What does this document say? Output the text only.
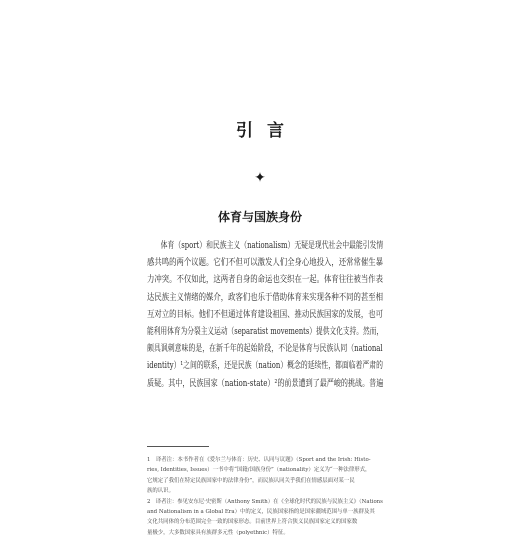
引言
✦
体育与国族身份
　　体育（sport）和民族主义（nationalism）无疑是现代社会中最能引发情
感共鸣的两个议题。它们不但可以激发人们全身心地投入，还常常催生暴
力冲突。不仅如此，这两者自身的命运也交织在一起。体育往往被当作表
达民族主义情绪的媒介，政客们也乐于借助体育来实现各种不同的甚至相
互对立的目标。他们不但通过体育建设祖国、推动民族国家的发展，也可
能利用体育为分裂主义运动（separatist movements）提供文化支持。然而，
颇具讽刺意味的是，在新千年的起始阶段，不论是体育与民族认同（national
identity）¹之间的联系，还是民族（nation）概念的延续性，都面临着严肃的
质疑。其中，民族国家（nation-state）²的前景遭到了最严峻的挑战。普遍
1　译者注：本书作者在《爱尔兰与体育：历史、认同与议题》（Sport and the Irish: Histo-
ries, Identities, Issues）一书中将“国籍/国族身份”（nationality）定义为“一种法律形式，
它规定了我们在特定民族国家中的法律身份”，而民族认同关乎我们在情感层面对某一民
族的认识。
2　译者注：参见安东尼·史密斯（Anthony Smith）在《全球化时代的民族与民族主义》（Nations
and Nationalism in a Global Era）中的定义，民族国家指的是国家疆域范围与单一族群及其
文化共同体的分布范围完全一致的国家形态。目前世界上符合狭义民族国家定义的国家数
量极少，大多数国家具有族群多元性（polyethnic）特征。
